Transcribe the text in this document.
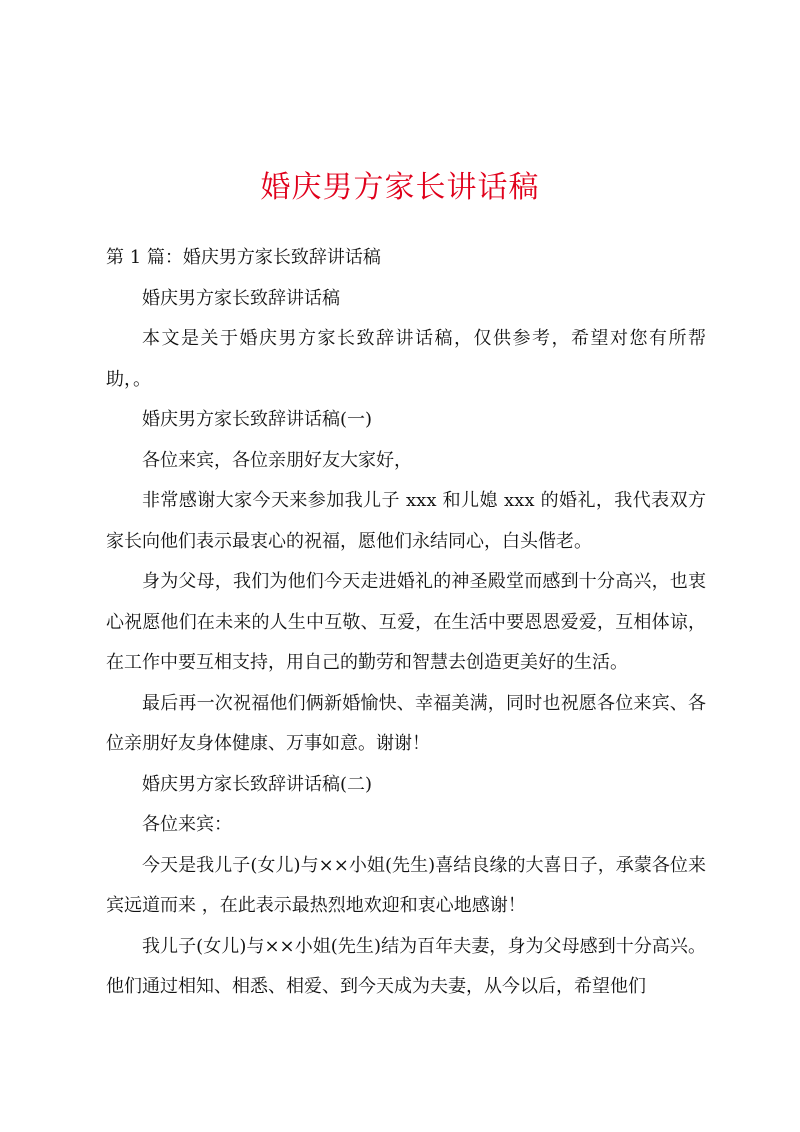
婚庆男方家长讲话稿

第 1 篇：婚庆男方家长致辞讲话稿

婚庆男方家长致辞讲话稿

本文是关于婚庆男方家长致辞讲话稿，仅供参考，希望对您有所帮助，。

婚庆男方家长致辞讲话稿(一)

各位来宾，各位亲朋好友大家好，

非常感谢大家今天来参加我儿子 xxx 和儿媳 xxx 的婚礼，我代表双方家长向他们表示最衷心的祝福，愿他们永结同心，白头偕老。

身为父母，我们为他们今天走进婚礼的神圣殿堂而感到十分高兴，也衷心祝愿他们在未来的人生中互敬、互爱，在生活中要恩恩爱爱，互相体谅，在工作中要互相支持，用自己的勤劳和智慧去创造更美好的生活。

最后再一次祝福他们俩新婚愉快、幸福美满，同时也祝愿各位来宾、各位亲朋好友身体健康、万事如意。谢谢！

婚庆男方家长致辞讲话稿(二)

各位来宾：

今天是我儿子(女儿)与××小姐(先生)喜结良缘的大喜日子，承蒙各位来宾远道而来 ，在此表示最热烈地欢迎和衷心地感谢！

我儿子(女儿)与××小姐(先生)结为百年夫妻，身为父母感到十分高兴。他们通过相知、相悉、相爱、到今天成为夫妻，从今以后，希望他们
